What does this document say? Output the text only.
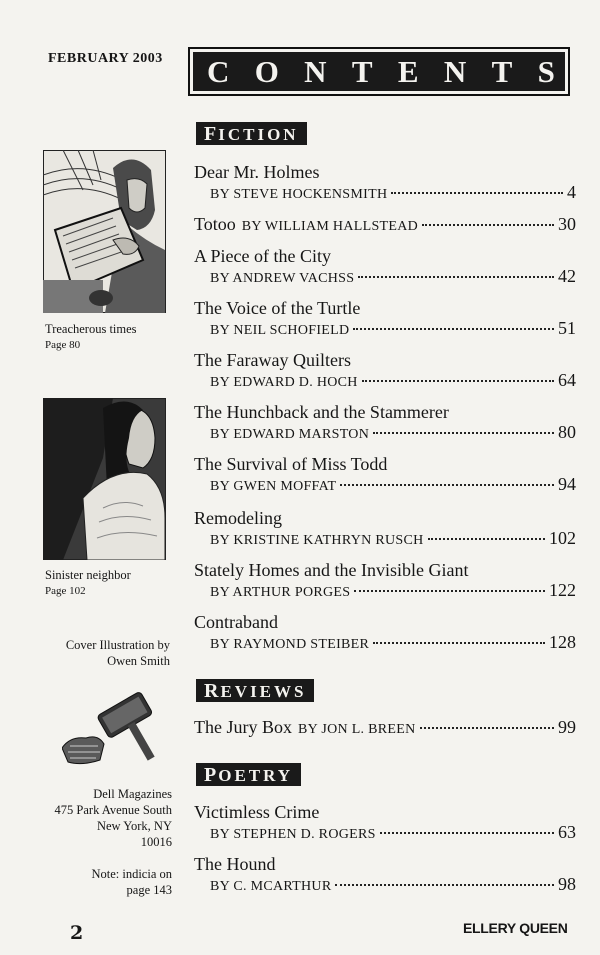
FEBRUARY 2003 C O N T E N T S
FICTION
Dear Mr. Holmes
BY STEVE HOCKENSMITH	4
Totoo BY WILLIAM HALLSTEAD	30
A Piece of the City
BY ANDREW VACHSS	42
The Voice of the Turtle
BY NEIL SCHOFIELD	51
The Faraway Quilters
BY EDWARD D. HOCH	64
The Hunchback and the Stammerer
BY EDWARD MARSTON	80
The Survival of Miss Todd
BY GWEN MOFFAT	94
Remodeling
BY KRISTINE KATHRYN RUSCH	102
Stately Homes and the Invisible Giant
BY ARTHUR PORGES	122
Contraband
BY RAYMOND STEIBER	128
REVIEWS
The Jury Box BY JON L. BREEN	99
POETRY
Victimless Crime
BY STEPHEN D. ROGERS	63
The Hound
BY C. MCARTHUR	98
Treacherous times
Page 80
Sinister neighbor
Page 102
Cover Illustration by
Owen Smith
Dell Magazines
475 Park Avenue South
New York, NY
10016
Note: indicia on
page 143
2	ELLERY QUEEN
